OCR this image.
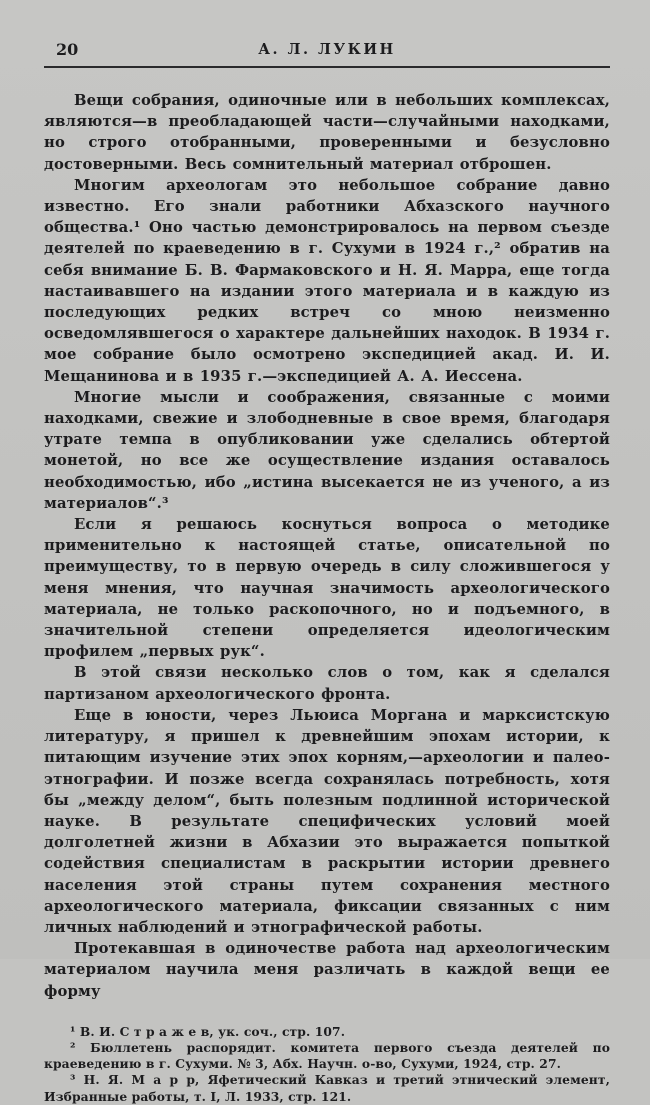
20	А. Л. ЛУКИН

Вещи собрания, одиночные или в небольших комплексах, являются—в преобладающей части—случайными находками, но строго отобранными, проверенными и безусловно достоверными. Весь сомнительный материал отброшен.

Многим археологам это небольшое собрание давно известно. Его знали работники Абхазского научного общества.¹ Оно частью демонстрировалось на первом съезде деятелей по краеведению в г. Сухуми в 1924 г.,² обратив на себя внимание Б. В. Фармаковского и Н. Я. Марра, еще тогда настаивавшего на издании этого материала и в каждую из последующих редких встреч со мною неизменно осведомлявшегося о характере дальнейших находок. В 1934 г. мое собрание было осмотрено экспедицией акад. И. И. Мещанинова и в 1935 г.—экспедицией А. А. Иессена.

Многие мысли и соображения, связанные с моими находками, свежие и злободневные в свое время, благодаря утрате темпа в опубликовании уже сделались обтертой монетой, но все же осуществление издания оставалось необходимостью, ибо „истина высекается не из ученого, а из материалов“.³

Если я решаюсь коснуться вопроса о методике применительно к настоящей статье, описательной по преимуществу, то в первую очередь в силу сложившегося у меня мнения, что научная значимость археологического материала, не только раскопочного, но и подъемного, в значительной степени определяется идеологическим профилем „первых рук“.

В этой связи несколько слов о том, как я сделался партизаном археологического фронта.

Еще в юности, через Льюиса Моргана и марксистскую литературу, я пришел к древнейшим эпохам истории, к питающим изучение этих эпох корням,—археологии и палео-этнографии. И позже всегда сохранялась потребность, хотя бы „между делом“, быть полезным подлинной исторической науке. В результате специфических условий моей долголетней жизни в Абхазии это выражается попыткой содействия специалистам в раскрытии истории древнего населения этой страны путем сохранения местного археологического материала, фиксации связанных с ним личных наблюдений и этнографической работы.

Протекавшая в одиночестве работа над археологическим материалом научила меня различать в каждой вещи ее форму

¹ В. И. С т р а ж е в, ук. соч., стр. 107.

² Бюллетень распорядит. комитета первого съезда деятелей по краеведению в г. Сухуми. № 3, Абх. Научн. о-во, Сухуми, 1924, стр. 27.

³ Н. Я. М а р р, Яфетический Кавказ и третий этнический элемент, Избранные работы, т. I, Л. 1933, стр. 121.
